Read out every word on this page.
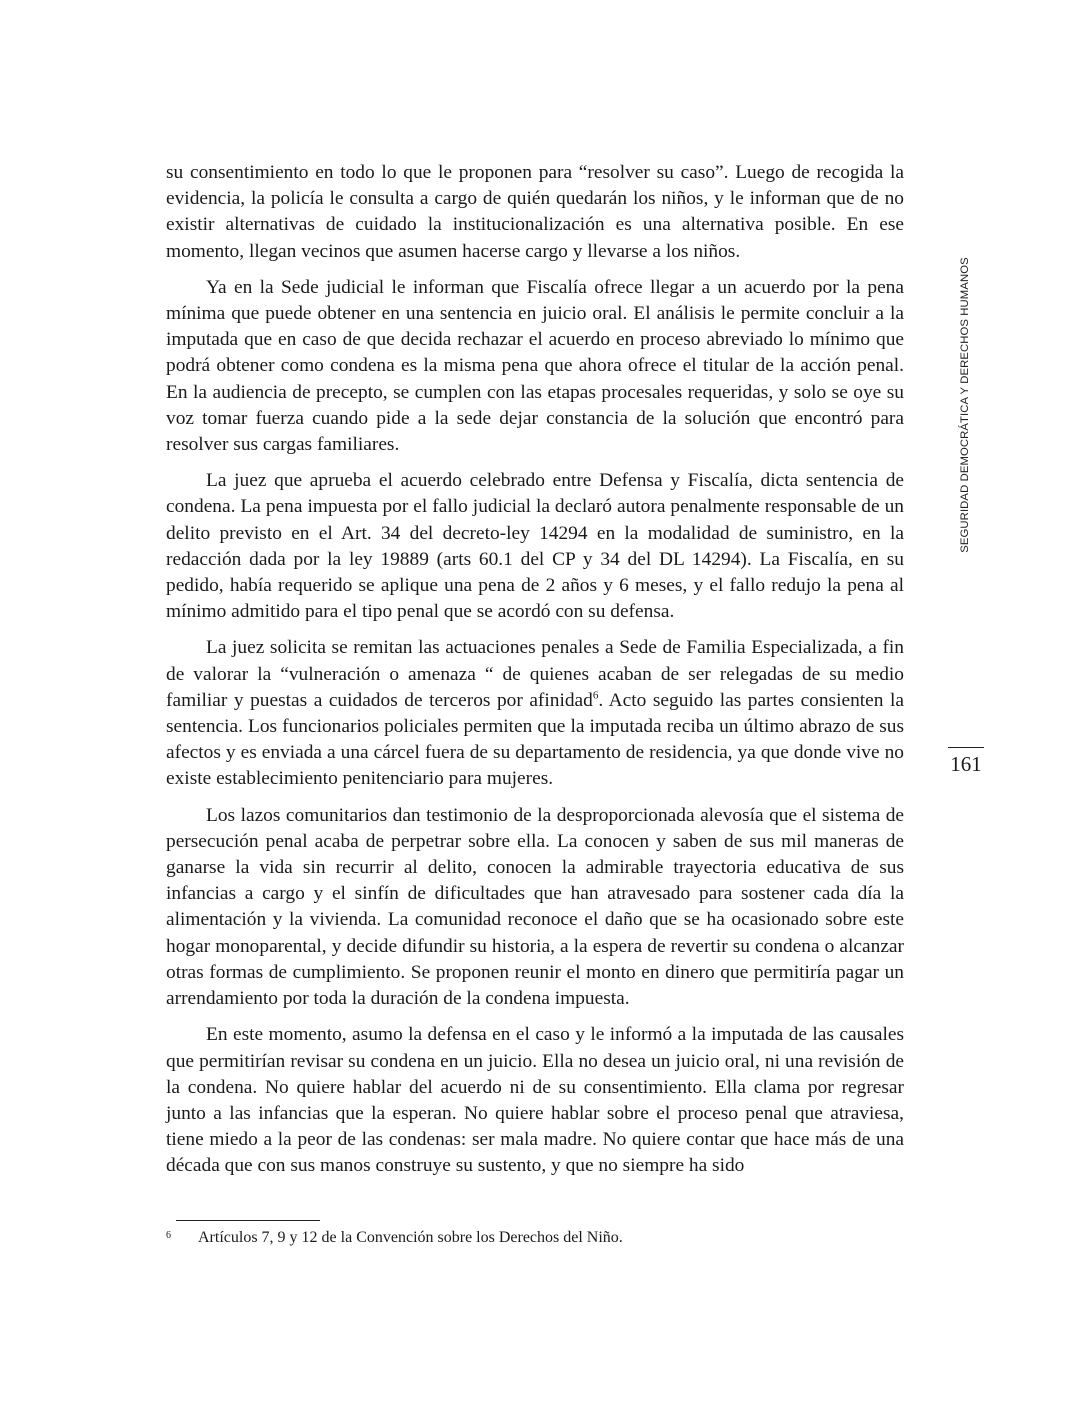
su consentimiento en todo lo que le proponen para “resolver su caso”. Luego de recogida la evidencia, la policía le consulta a cargo de quién quedarán los niños, y le informan que de no existir alternativas de cuidado la institucionalización es una alternativa posible. En ese momento, llegan vecinos que asumen hacerse cargo y llevarse a los niños.

Ya en la Sede judicial le informan que Fiscalía ofrece llegar a un acuerdo por la pena mínima que puede obtener en una sentencia en juicio oral. El análisis le permite concluir a la imputada que en caso de que decida rechazar el acuerdo en proceso abreviado lo mínimo que podrá obtener como condena es la misma pena que ahora ofrece el titular de la acción penal. En la audiencia de precepto, se cumplen con las etapas procesales requeridas, y solo se oye su voz tomar fuerza cuando pide a la sede dejar constancia de la solución que encontró para resolver sus cargas familiares.

La juez que aprueba el acuerdo celebrado entre Defensa y Fiscalía, dicta sentencia de condena. La pena impuesta por el fallo judicial la declaró autora penalmente responsable de un delito previsto en el Art. 34 del decreto-ley 14294 en la modalidad de suministro, en la redacción dada por la ley 19889 (arts 60.1 del CP y 34 del DL 14294). La Fiscalía, en su pedido, había requerido se aplique una pena de 2 años y 6 meses, y el fallo redujo la pena al mínimo admitido para el tipo penal que se acordó con su defensa.

La juez solicita se remitan las actuaciones penales a Sede de Familia Especializada, a fin de valorar la “vulneración o amenaza “ de quienes acaban de ser relegadas de su medio familiar y puestas a cuidados de terceros por afinidad$^6$. Acto seguido las partes consienten la sentencia. Los funcionarios policiales permiten que la imputada reciba un último abrazo de sus afectos y es enviada a una cárcel fuera de su departamento de residencia, ya que donde vive no existe establecimiento penitenciario para mujeres.

Los lazos comunitarios dan testimonio de la desproporcionada alevosía que el sistema de persecución penal acaba de perpetrar sobre ella. La conocen y saben de sus mil maneras de ganarse la vida sin recurrir al delito, conocen la admirable trayectoria educativa de sus infancias a cargo y el sinfín de dificultades que han atravesado para sostener cada día la alimentación y la vivienda. La comunidad reconoce el daño que se ha ocasionado sobre este hogar monoparental, y decide difundir su historia, a la espera de revertir su condena o alcanzar otras formas de cumplimiento. Se proponen reunir el monto en dinero que permitiría pagar un arrendamiento por toda la duración de la condena impuesta.

En este momento, asumo la defensa en el caso y le informó a la imputada de las causales que permitirían revisar su condena en un juicio. Ella no desea un juicio oral, ni una revisión de la condena. No quiere hablar del acuerdo ni de su consentimiento. Ella clama por regresar junto a las infancias que la esperan. No quiere hablar sobre el proceso penal que atraviesa, tiene miedo a la peor de las condenas: ser mala madre. No quiere contar que hace más de una década que con sus manos construye su sustento, y que no siempre ha sido

SEGURIDAD DEMOCRÁTICA Y DERECHOS HUMANOS
161
6 Artículos 7, 9 y 12 de la Convención sobre los Derechos del Niño.
